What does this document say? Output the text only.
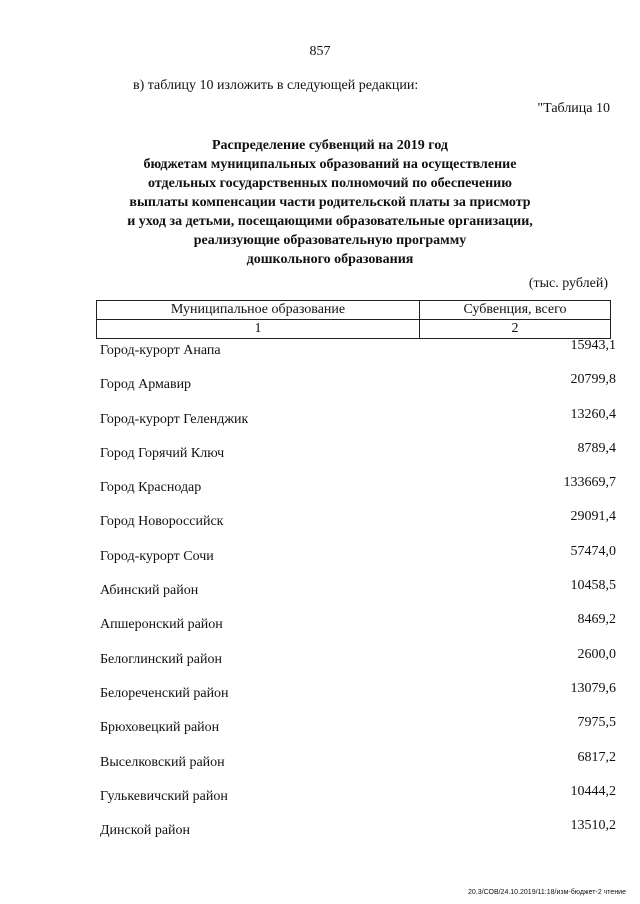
857
в) таблицу 10 изложить в следующей редакции:
"Таблица 10
Распределение субвенций на 2019 год
бюджетам муниципальных образований на осуществление
отдельных государственных полномочий по обеспечению
выплаты компенсации части родительской платы за присмотр
и уход за детьми, посещающими образовательные организации,
реализующие образовательную программу
дошкольного образования
(тыс. рублей)
Муниципальное образование	Субвенция, всего
1	2
Город-курорт Анапа	15943,1
Город Армавир	20799,8
Город-курорт Геленджик	13260,4
Город Горячий Ключ	8789,4
Город Краснодар	133669,7
Город Новороссийск	29091,4
Город-курорт Сочи	57474,0
Абинский район	10458,5
Апшеронский район	8469,2
Белоглинский район	2600,0
Белореченский район	13079,6
Брюховецкий район	7975,5
Выселковский район	6817,2
Гулькевичский район	10444,2
Динской район	13510,2
20.3/СОВ/24.10.2019/11:18/изм-бюджет-2 чтение
